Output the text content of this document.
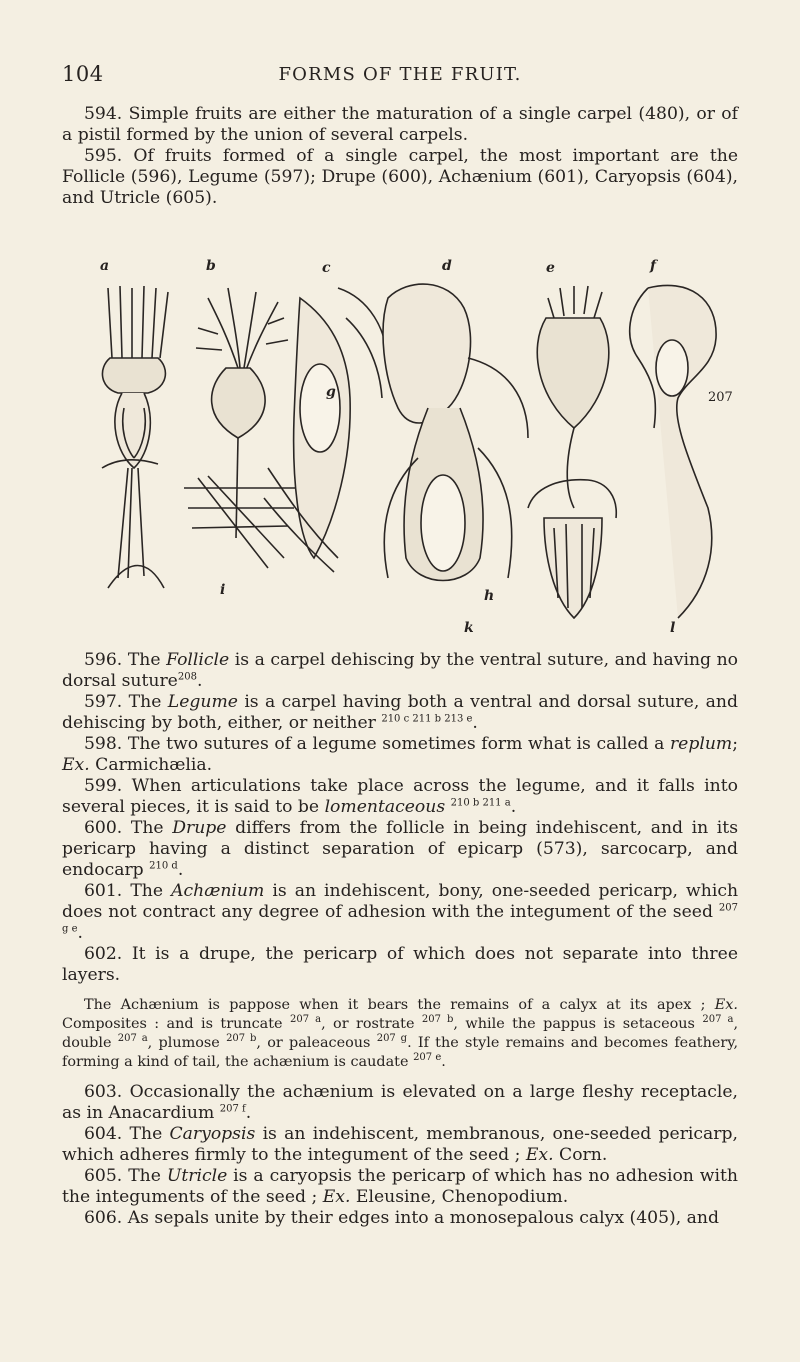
104	FORMS OF THE FRUIT.

594. Simple fruits are either the maturation of a single carpel (480), or of a pistil formed by the union of several carpels.

595. Of fruits formed of a single carpel, the most important are the Follicle (596), Legume (597); Drupe (600), Achænium (601), Caryopsis (604), and Utricle (605).

a	b	c	d	e	f
g
h
i
k	l
207

596. The Follicle is a carpel dehiscing by the ventral suture, and having no dorsal suture$^{208}$.

597. The Legume is a carpel having both a ventral and dorsal suture, and dehiscing by both, either, or neither $^{210 c 211 b 213 e}$.

598. The two sutures of a legume sometimes form what is called a replum; Ex. Carmichælia.

599. When articulations take place across the legume, and it falls into several pieces, it is said to be lomentaceous $^{210 b 211 a}$.

600. The Drupe differs from the follicle in being indehiscent, and in its pericarp having a distinct separation of epicarp (573), sarcocarp, and endocarp $^{210 d}$.

601. The Achænium is an indehiscent, bony, one-seeded pericarp, which does not contract any degree of adhesion with the integument of the seed $^{207 g e}$.

602. It is a drupe, the pericarp of which does not separate into three layers.

The Achænium is pappose when it bears the remains of a calyx at its apex ; Ex. Composites : and is truncate $^{207 a}$, or rostrate $^{207 b}$, while the pappus is setaceous $^{207 a}$, double $^{207 a}$, plumose $^{207 b}$, or paleaceous $^{207 g}$. If the style remains and becomes feathery, forming a kind of tail, the achænium is caudate $^{207 e}$.

603. Occasionally the achænium is elevated on a large fleshy receptacle, as in Anacardium $^{207 f}$.

604. The Caryopsis is an indehiscent, membranous, one-seeded pericarp, which adheres firmly to the integument of the seed ; Ex. Corn.

605. The Utricle is a caryopsis the pericarp of which has no adhesion with the integuments of the seed ; Ex. Eleusine, Chenopodium.

606. As sepals unite by their edges into a monosepalous calyx (405), and
